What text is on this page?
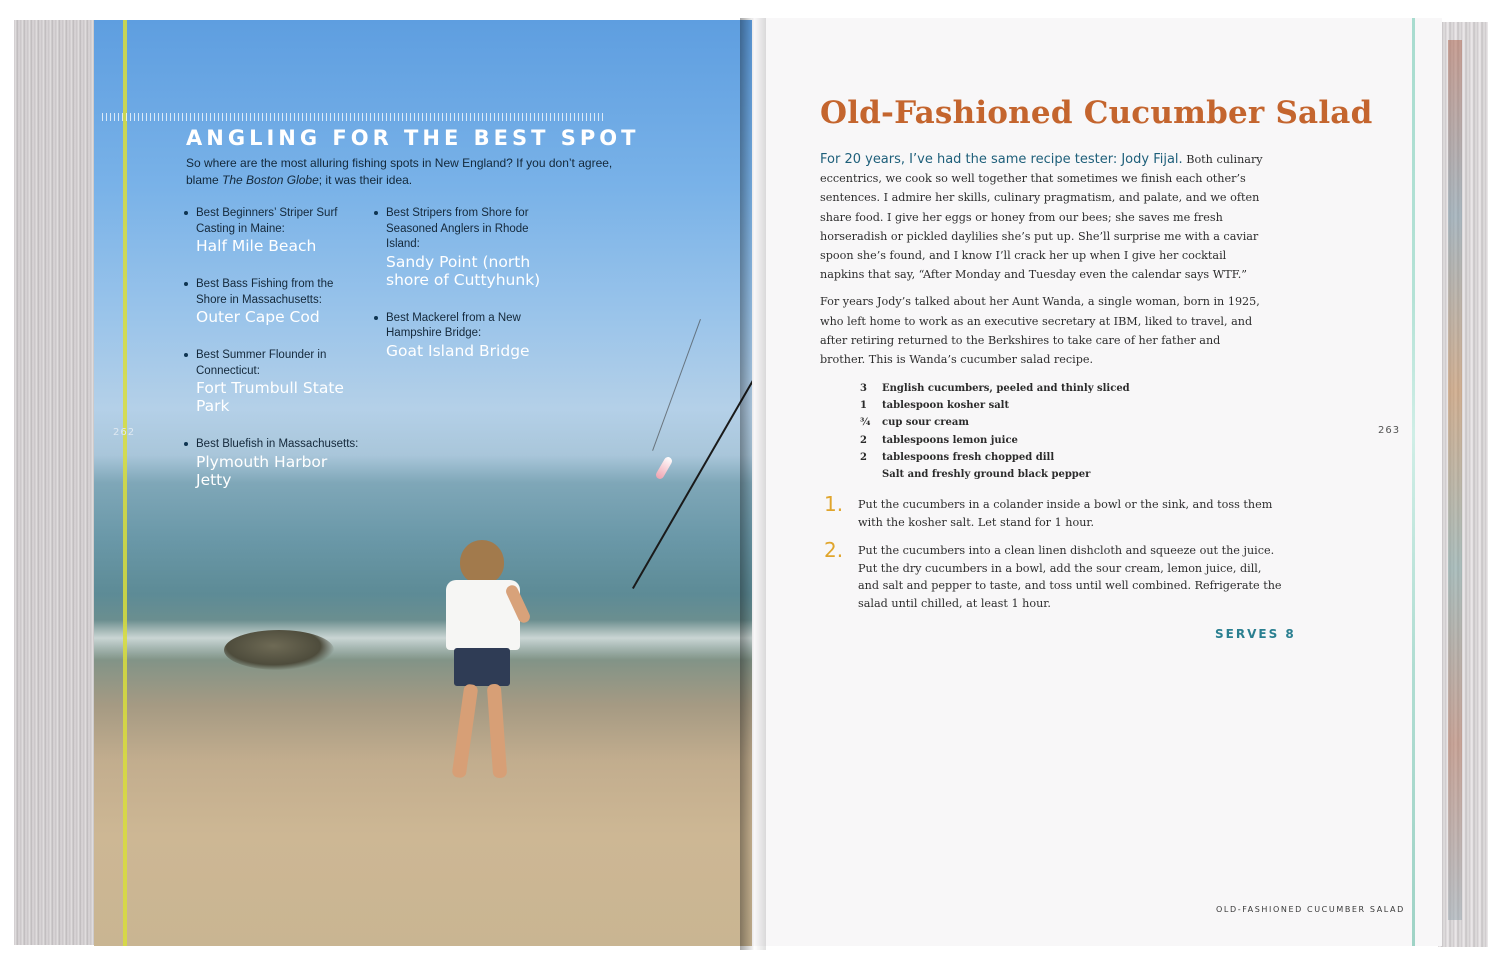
ANGLING FOR THE BEST SPOT

So where are the most alluring fishing spots in New England? If you don’t agree, blame The Boston Globe; it was their idea.

Best Beginners’ Striper Surf Casting in Maine:
Half Mile Beach
Best Bass Fishing from the Shore in Massachusetts:
Outer Cape Cod
Best Summer Flounder in Connecticut:
Fort Trumbull State Park
Best Bluefish in Massachusetts:
Plymouth Harbor Jetty
Best Stripers from Shore for Seasoned Anglers in Rhode Island:
Sandy Point (north shore of Cuttyhunk)
Best Mackerel from a New Hampshire Bridge:
Goat Island Bridge
262
Old-Fashioned Cucumber Salad

For 20 years, I’ve had the same recipe tester: Jody Fijal. Both culinary eccentrics, we cook so well together that sometimes we finish each other’s sentences. I admire her skills, culinary pragmatism, and palate, and we often share food. I give her eggs or honey from our bees; she saves me fresh horseradish or pickled daylilies she’s put up. She’ll surprise me with a caviar spoon she’s found, and I know I’ll crack her up when I give her cocktail napkins that say, “After Monday and Tuesday even the calendar says WTF.”

For years Jody’s talked about her Aunt Wanda, a single woman, born in 1925, who left home to work as an executive secretary at IBM, liked to travel, and after retiring returned to the Berkshires to take care of her father and brother. This is Wanda’s cucumber salad recipe.

3	English cucumbers, peeled and thinly sliced
1	tablespoon kosher salt
¾	cup sour cream
2	tablespoons lemon juice
2	tablespoons fresh chopped dill
Salt and freshly ground black pepper
1. Put the cucumbers in a colander inside a bowl or the sink, and toss them with the kosher salt. Let stand for 1 hour.

2. Put the cucumbers into a clean linen dishcloth and squeeze out the juice. Put the dry cucumbers in a bowl, add the sour cream, lemon juice, dill, and salt and pepper to taste, and toss until well combined. Refrigerate the salad until chilled, at least 1 hour.

SERVES 8
263
OLD-FASHIONED CUCUMBER SALAD
